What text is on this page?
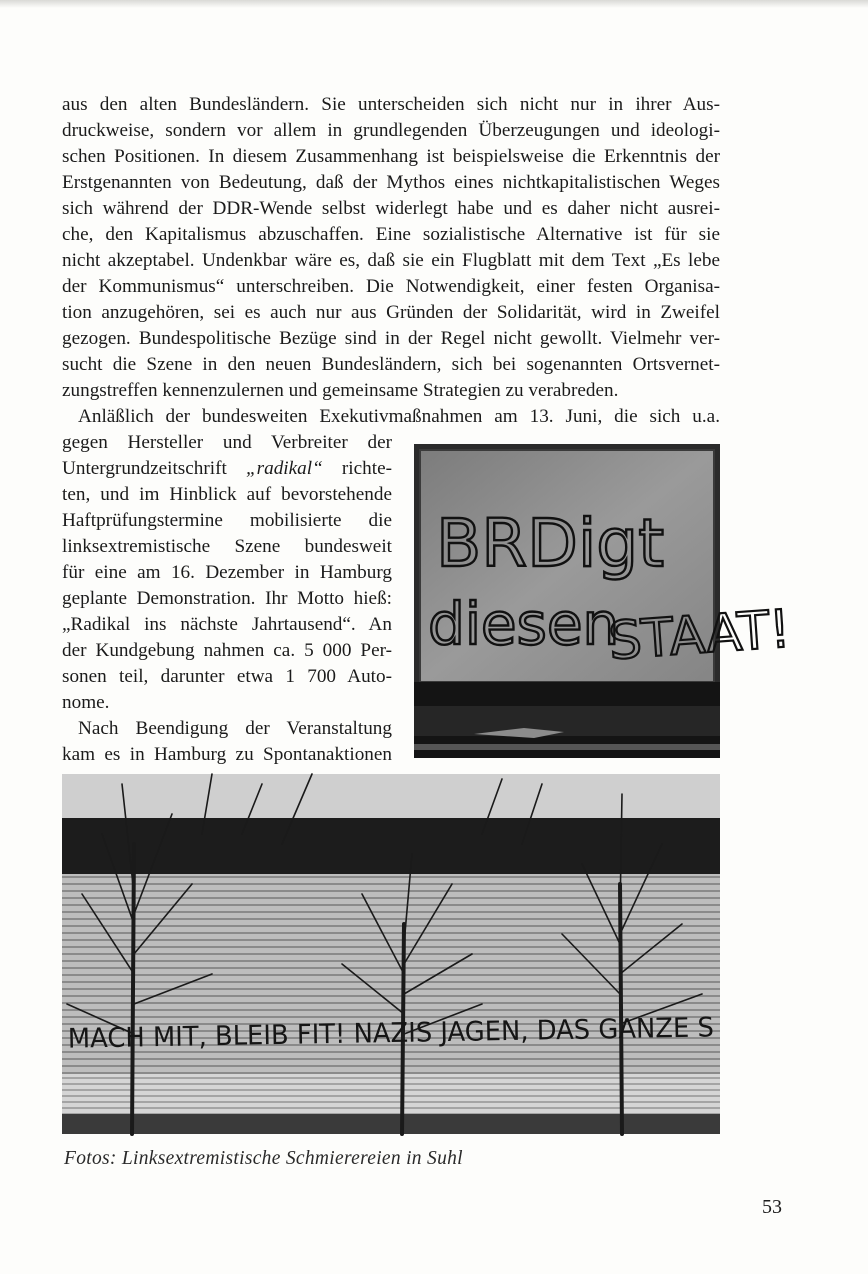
aus den alten Bundesländern. Sie unterscheiden sich nicht nur in ihrer Aus-
druckweise, sondern vor allem in grundlegenden Überzeugungen und ideologi-
schen Positionen. In diesem Zusammenhang ist beispielsweise die Erkenntnis der
Erstgenannten von Bedeutung, daß der Mythos eines nichtkapitalistischen Weges
sich während der DDR-Wende selbst widerlegt habe und es daher nicht ausrei-
che, den Kapitalismus abzuschaffen. Eine sozialistische Alternative ist für sie
nicht akzeptabel. Undenkbar wäre es, daß sie ein Flugblatt mit dem Text „Es lebe
der Kommunismus“ unterschreiben. Die Notwendigkeit, einer festen Organisa-
tion anzugehören, sei es auch nur aus Gründen der Solidarität, wird in Zweifel
gezogen. Bundespolitische Bezüge sind in der Regel nicht gewollt. Vielmehr ver-
sucht die Szene in den neuen Bundesländern, sich bei sogenannten Ortsvernet-
zungstreffen kennenzulernen und gemeinsame Strategien zu verabreden.
Anläßlich der bundesweiten Exekutivmaßnahmen am 13. Juni, die sich u.a.
gegen Hersteller und Verbreiter der
Untergrundzeitschrift „radikal“ richte-
ten, und im Hinblick auf bevorstehende
Haftprüfungstermine mobilisierte die
linksextremistische Szene bundesweit
für eine am 16. Dezember in Hamburg
geplante Demonstration. Ihr Motto hieß:
„Radikal ins nächste Jahrtausend“. An
der Kundgebung nahmen ca. 5 000 Per-
sonen teil, darunter etwa 1 700 Auto-
nome.
Nach Beendigung der Veranstaltung
kam es in Hamburg zu Spontanaktionen
BRDigt
diesen
STAAT!
MACH MIT, BLEIB FIT! NAZIS JAGEN, DAS GANZE S
Fotos: Linksextremistische Schmierereien in Suhl
53
